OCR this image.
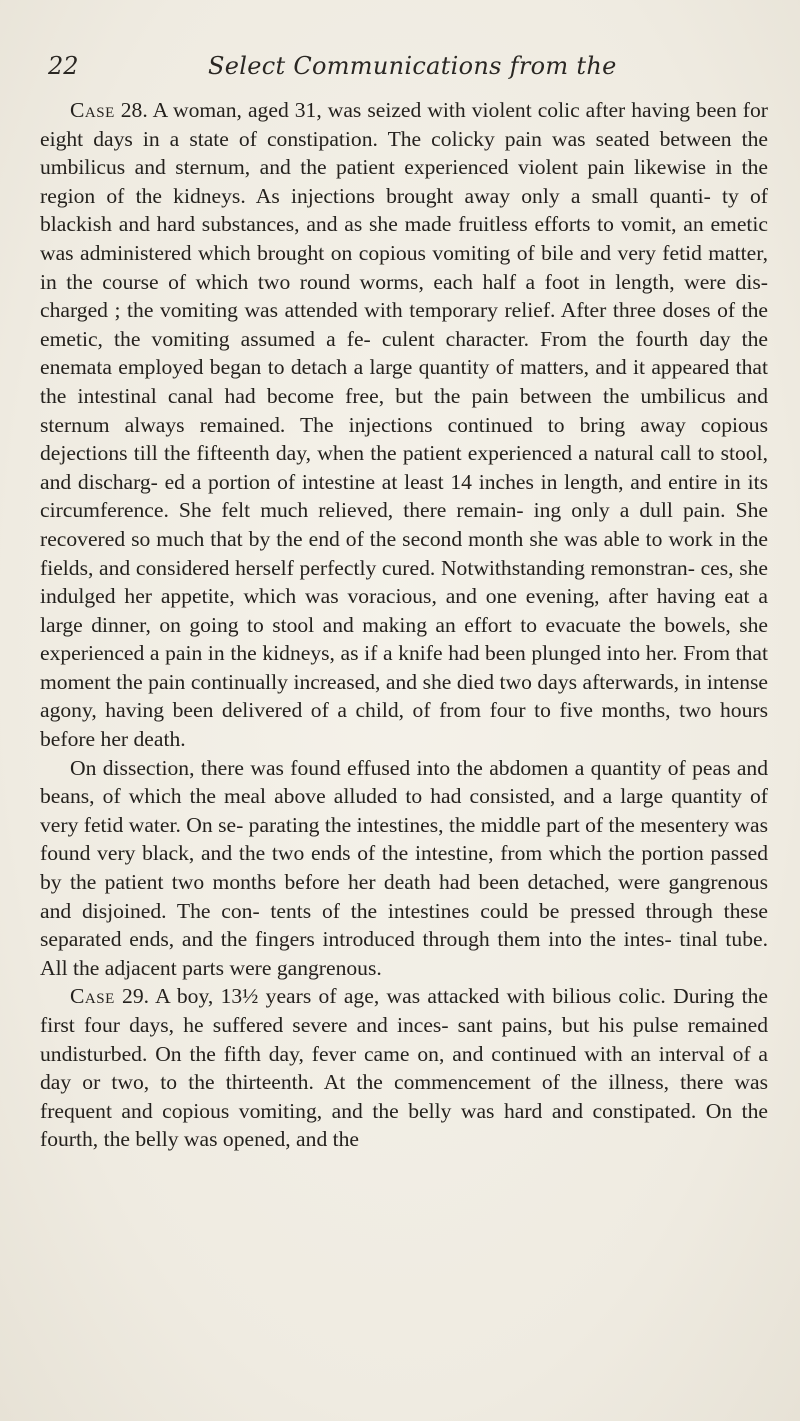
22	Select Communications from the

Case 28. A woman, aged 31, was seized with violent colic after having been for eight days in a state of constipation. The colicky pain was seated between the umbilicus and sternum, and the patient experienced violent pain likewise in the region of the kidneys. As injections brought away only a small quanti- ty of blackish and hard substances, and as she made fruitless efforts to vomit, an emetic was administered which brought on copious vomiting of bile and very fetid matter, in the course of which two round worms, each half a foot in length, were dis- charged ; the vomiting was attended with temporary relief. After three doses of the emetic, the vomiting assumed a fe- culent character. From the fourth day the enemata employed began to detach a large quantity of matters, and it appeared that the intestinal canal had become free, but the pain between the umbilicus and sternum always remained. The injections continued to bring away copious dejections till the fifteenth day, when the patient experienced a natural call to stool, and discharg- ed a portion of intestine at least 14 inches in length, and entire in its circumference. She felt much relieved, there remain- ing only a dull pain. She recovered so much that by the end of the second month she was able to work in the fields, and considered herself perfectly cured. Notwithstanding remonstran- ces, she indulged her appetite, which was voracious, and one evening, after having eat a large dinner, on going to stool and making an effort to evacuate the bowels, she experienced a pain in the kidneys, as if a knife had been plunged into her. From that moment the pain continually increased, and she died two days afterwards, in intense agony, having been delivered of a child, of from four to five months, two hours before her death.

On dissection, there was found effused into the abdomen a quantity of peas and beans, of which the meal above alluded to had consisted, and a large quantity of very fetid water. On se- parating the intestines, the middle part of the mesentery was found very black, and the two ends of the intestine, from which the portion passed by the patient two months before her death had been detached, were gangrenous and disjoined. The con- tents of the intestines could be pressed through these separated ends, and the fingers introduced through them into the intes- tinal tube. All the adjacent parts were gangrenous.

Case 29. A boy, 13½ years of age, was attacked with bilious colic. During the first four days, he suffered severe and inces- sant pains, but his pulse remained undisturbed. On the fifth day, fever came on, and continued with an interval of a day or two, to the thirteenth. At the commencement of the illness, there was frequent and copious vomiting, and the belly was hard and constipated. On the fourth, the belly was opened, and the
